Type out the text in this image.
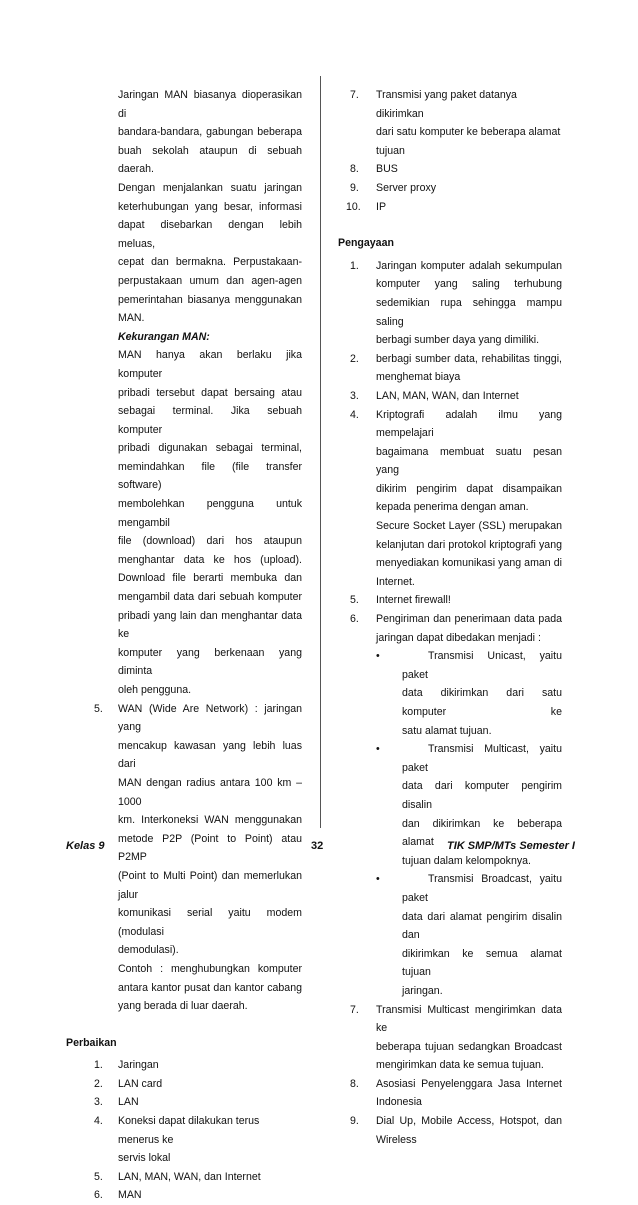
Jaringan MAN biasanya dioperasikan di
bandara-bandara, gabungan beberapa
buah sekolah ataupun di sebuah daerah.
Dengan menjalankan suatu jaringan
keterhubungan yang besar, informasi
dapat disebarkan dengan lebih meluas,
cepat dan bermakna. Perpustakaan-
perpustakaan umum dan agen-agen
pemerintahan biasanya menggunakan
MAN.
Kekurangan MAN:
MAN hanya akan berlaku jika komputer
pribadi tersebut dapat bersaing atau
sebagai terminal. Jika sebuah komputer
pribadi digunakan sebagai terminal,
memindahkan file (file transfer software)
membolehkan pengguna untuk mengambil
file (download) dari hos ataupun
menghantar data ke hos (upload).
Download file berarti membuka dan
mengambil data dari sebuah komputer
pribadi yang lain dan menghantar data ke
komputer yang berkenaan yang diminta
oleh pengguna.
5. WAN (Wide Are Network) : jaringan yang
mencakup kawasan yang lebih luas dari
MAN dengan radius antara 100 km – 1000
km. Interkoneksi WAN menggunakan
metode P2P (Point to Point) atau P2MP
(Point to Multi Point) dan memerlukan jalur
komunikasi serial yaitu modem (modulasi
demodulasi).
Contoh : menghubungkan komputer
antara kantor pusat dan kantor cabang
yang berada di luar daerah.
Perbaikan
1. Jaringan
2. LAN card
3. LAN
4. Koneksi dapat dilakukan terus menerus ke
servis lokal
5. LAN, MAN, WAN, dan Internet
6. MAN
7. Transmisi yang paket datanya dikirimkan
dari satu komputer ke beberapa alamat
tujuan
8. BUS
9. Server proxy
10. IP
Pengayaan
1. Jaringan komputer adalah sekumpulan
komputer yang saling terhubung
sedemikian rupa sehingga mampu saling
berbagi sumber daya yang dimiliki.
2. berbagi sumber data, rehabilitas tinggi,
menghemat biaya
3. LAN, MAN, WAN, dan Internet
4. Kriptografi adalah ilmu yang mempelajari
bagaimana membuat suatu pesan yang
dikirim pengirim dapat disampaikan
kepada penerima dengan aman.
Secure Socket Layer (SSL) merupakan
kelanjutan dari protokol kriptografi yang
menyediakan komunikasi yang aman di
Internet.
5. Internet firewall!
6. Pengiriman dan penerimaan data pada
jaringan dapat dibedakan menjadi :
•	Transmisi Unicast, yaitu paket
data dikirimkan dari satu komputer ke
satu alamat tujuan.
•	Transmisi Multicast, yaitu paket
data dari komputer pengirim disalin
dan dikirimkan ke beberapa alamat
tujuan dalam kelompoknya.
•	Transmisi Broadcast, yaitu paket
data dari alamat pengirim disalin dan
dikirimkan ke semua alamat tujuan
jaringan.
7. Transmisi Multicast mengirimkan data ke
beberapa tujuan sedangkan Broadcast
mengirimkan data ke semua tujuan.
8. Asosiasi Penyelenggara Jasa Internet
Indonesia
9. Dial Up, Mobile Access, Hotspot, dan
Wireless
Kelas 9	32	TIK SMP/MTs Semester I
